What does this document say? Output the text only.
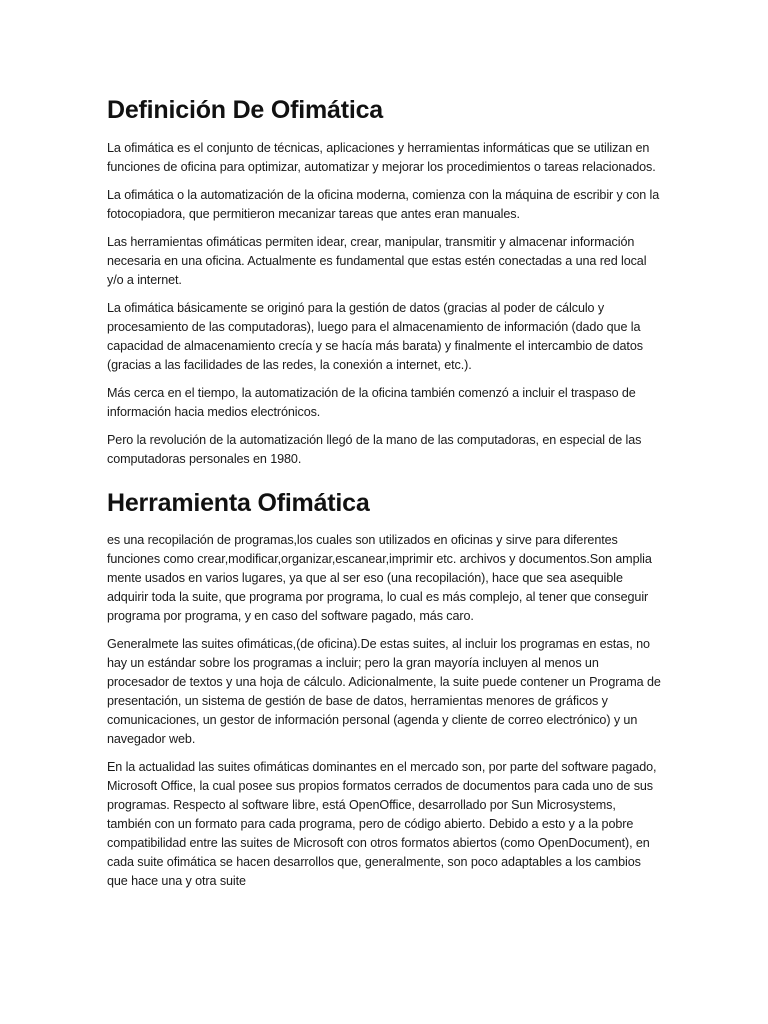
Definición De Ofimática

La ofimática es el conjunto de técnicas, aplicaciones y herramientas informáticas que se utilizan en funciones de oficina para optimizar, automatizar y mejorar los procedimientos o tareas relacionados.

La ofimática o la automatización de la oficina moderna, comienza con la máquina de escribir y con la fotocopiadora, que permitieron mecanizar tareas que antes eran manuales.

Las herramientas ofimáticas permiten idear, crear, manipular, transmitir y almacenar información necesaria en una oficina. Actualmente es fundamental que estas estén conectadas a una red local y/o a internet.

La ofimática básicamente se originó para la gestión de datos (gracias al poder de cálculo y procesamiento de las computadoras), luego para el almacenamiento de información (dado que la capacidad de almacenamiento crecía y se hacía más barata) y finalmente el intercambio de datos (gracias a las facilidades de las redes, la conexión a internet, etc.).

Más cerca en el tiempo, la automatización de la oficina también comenzó a incluir el traspaso de información hacia medios electrónicos.

Pero la revolución de la automatización llegó de la mano de las computadoras, en especial de las computadoras personales en 1980.

Herramienta Ofimática

es una recopilación de programas,los cuales son utilizados en oficinas y sirve para diferentes funciones como crear,modificar,organizar,escanear,imprimir etc. archivos y documentos.Son amplia mente usados en varios lugares, ya que al ser eso (una recopilación), hace que sea asequible adquirir toda la suite, que programa por programa, lo cual es más complejo, al tener que conseguir programa por programa, y en caso del software pagado, más caro.

Generalmete las suites ofimáticas,(de oficina).De estas suites, al incluir los programas en estas, no hay un estándar sobre los programas a incluir; pero la gran mayoría incluyen al menos un procesador de textos y una hoja de cálculo. Adicionalmente, la suite puede contener un Programa de presentación, un sistema de gestión de base de datos, herramientas menores de gráficos y comunicaciones, un gestor de información personal (agenda y cliente de correo electrónico) y un navegador web.

En la actualidad las suites ofimáticas dominantes en el mercado son, por parte del software pagado, Microsoft Office, la cual posee sus propios formatos cerrados de documentos para cada uno de sus programas. Respecto al software libre, está OpenOffice, desarrollado por Sun Microsystems, también con un formato para cada programa, pero de código abierto. Debido a esto y a la pobre compatibilidad entre las suites de Microsoft con otros formatos abiertos (como OpenDocument), en cada suite ofimática se hacen desarrollos que, generalmente, son poco adaptables a los cambios que hace una y otra suite
